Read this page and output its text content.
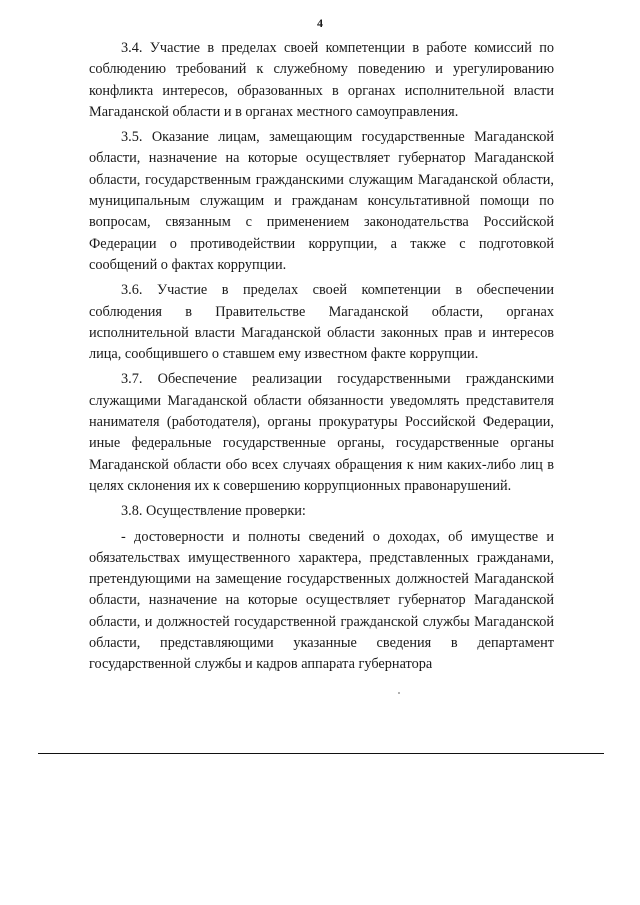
4

3.4. Участие в пределах своей компетенции в работе комиссий по соблюдению требований к служебному поведению и урегулированию конфликта интересов, образованных в органах исполнительной власти Магаданской области и в органах местного самоуправления.

3.5. Оказание лицам, замещающим государственные Магаданской области, назначение на которые осуществляет губернатор Магаданской области, государственным гражданскими служащим Магаданской области, муниципальным служащим и гражданам консультативной помощи по вопросам, связанным с применением законодательства Российской Федерации о противодействии коррупции, а также с подготовкой сообщений о фактах коррупции.

3.6. Участие в пределах своей компетенции в обеспечении соблюдения в Правительстве Магаданской области, органах исполнительной власти Магаданской области законных прав и интересов лица, сообщившего о ставшем ему известном факте коррупции.

3.7. Обеспечение реализации государственными гражданскими служащими Магаданской области обязанности уведомлять представителя нанимателя (работодателя), органы прокуратуры Российской Федерации, иные федеральные государственные органы, государственные органы Магаданской области обо всех случаях обращения к ним каких-либо лиц в целях склонения их к совершению коррупционных правонарушений.

3.8. Осуществление проверки:

- достоверности и полноты сведений о доходах, об имуществе и обязательствах имущественного характера, представленных гражданами, претендующими на замещение государственных должностей Магаданской области, назначение на которые осуществляет губернатор Магаданской области, и должностей государственной гражданской службы Магаданской области, представляющими указанные сведения в департамент государственной службы и кадров аппарата губернатора
